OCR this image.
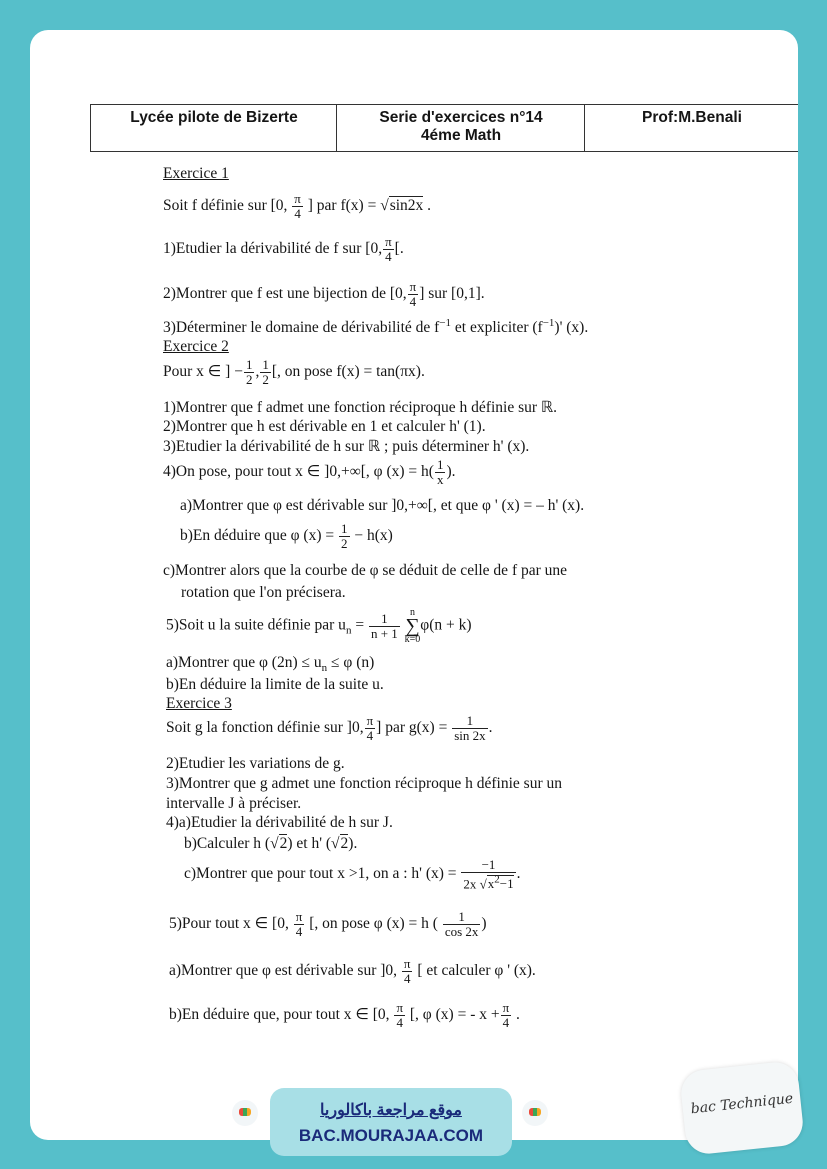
Lycée pilote de Bizerte	Serie d'exercices n°14
4éme Math
Prof:M.Benali
Exercice 1
Soit f définie sur [0, $\frac{\pi}{4}$ ] par f(x) = √sin2x .
1)Etudier la dérivabilité de f sur [0, $\frac{\pi}{4}$ [.
2)Montrer que f est une bijection de [0, $\frac{\pi}{4}$ ] sur [0,1].
3)Déterminer le domaine de dérivabilité de $f^{-1}$ et expliciter $(f^{-1})'$ (x).
Exercice 2
Pour x ∈ ] − $\frac{1}{2}$ , $\frac{1}{2}$ [, on pose f(x) = tan(πx).
1)Montrer que f admet une fonction réciproque h définie sur ℝ.
2)Montrer que h est dérivable en 1 et calculer h' (1).
3)Etudier la dérivabilité de h sur ℝ ; puis déterminer h' (x).
4)On pose, pour tout x ∈ ]0,+∞[, φ $(x) = h( \frac{1}{x}$ ).
a)Montrer que φ est dérivable sur ]0,+∞[, et que φ ' (x) = – h' (x).
b)En déduire que φ $(x) = \frac{1}{2} - h(x)$
c)Montrer alors que la courbe de φ se déduit de celle de f par une
rotation que l'on précisera.
5)Soit u la suite définie par $u_n = \frac{1}{n + 1}$ n
∑
k=0φ(n + k)
a)Montrer que φ $(2n) \le u_n \le \varphi$ (n)
b)En déduire la limite de la suite u.
Exercice 3
Soit g la fonction définie sur ]0, $\frac{\pi}{4}$ ] par $g(x) = \frac{1}{\sin 2x}$ .
2)Etudier les variations de g.
3)Montrer que g admet une fonction réciproque h définie sur un
intervalle J à préciser.
4)a)Etudier la dérivabilité de h sur J.
b)Calculer h (√2) et h' (√2).
c)Montrer que pour tout x >1, on a : h' $(x) = \frac{-1}{2x √x^2-1}$ .
5)Pour tout x ∈ [0, $\frac{\pi}{4}$ [, on pose φ (x) = h ( $\frac{1}{\cos 2x}$ )
a)Montrer que φ est dérivable sur ]0, $\frac{\pi}{4}$ [ et calculer φ ' (x).
b)En déduire que, pour tout x ∈ [0, $\frac{\pi}{4}$ [, φ (x) = - $x + \frac{\pi}{4}$ .
موقع مراجعة باكالوريا
BAC.MOURAJAA.COM
bac Technique
